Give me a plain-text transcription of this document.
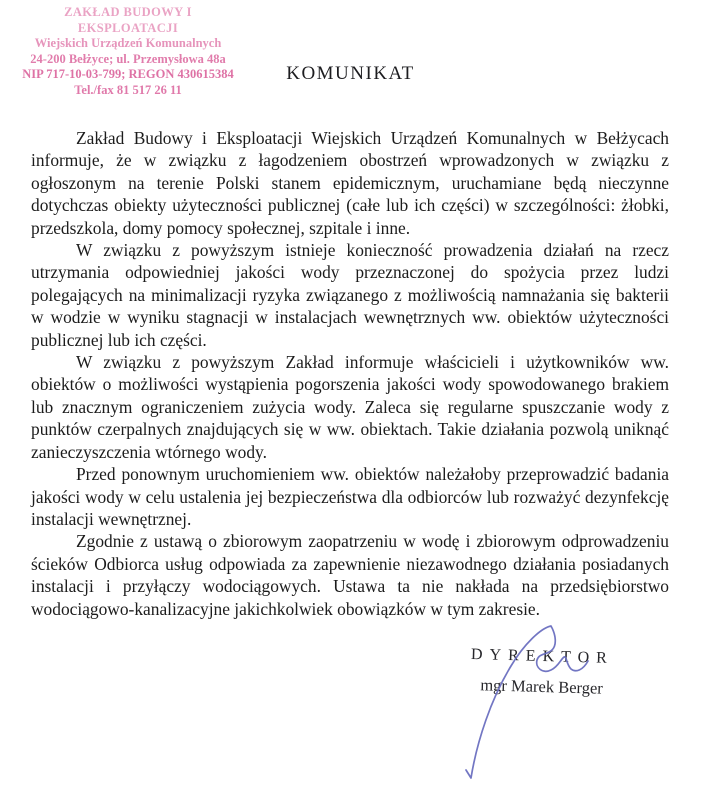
ZAKŁAD BUDOWY I EKSPLOATACJI
Wiejskich Urządzeń Komunalnych
24-200 Bełżyce; ul. Przemysłowa 48a
NIP 717-10-03-799; REGON 430615384
Tel./fax 81 517 26 11
KOMUNIKAT

Zakład Budowy i Eksploatacji Wiejskich Urządzeń Komunalnych w Bełżycach informuje, że w związku z łagodzeniem obostrzeń wprowadzonych w związku z ogłoszonym na terenie Polski stanem epidemicznym, uruchamiane będą nieczynne dotychczas obiekty użyteczności publicznej (całe lub ich części) w szczególności: żłobki, przedszkola, domy pomocy społecznej, szpitale i inne.

W związku z powyższym istnieje konieczność prowadzenia działań na rzecz utrzymania odpowiedniej jakości wody przeznaczonej do spożycia przez ludzi polegających na minimalizacji ryzyka związanego z możliwością namnażania się bakterii w wodzie w wyniku stagnacji w instalacjach wewnętrznych ww. obiektów użyteczności publicznej lub ich części.

W związku z powyższym Zakład informuje właścicieli i użytkowników ww. obiektów o możliwości wystąpienia pogorszenia jakości wody spowodowanego brakiem lub znacznym ograniczeniem zużycia wody. Zaleca się regularne spuszczanie wody z punktów czerpalnych znajdujących się w ww. obiektach. Takie działania pozwolą uniknąć zanieczyszczenia wtórnego wody.

Przed ponownym uruchomieniem ww. obiektów należałoby przeprowadzić badania jakości wody w celu ustalenia jej bezpieczeństwa dla odbiorców lub rozważyć dezynfekcję instalacji wewnętrznej.

Zgodnie z ustawą o zbiorowym zaopatrzeniu w wodę i zbiorowym odprowadzeniu ścieków Odbiorca usług odpowiada za zapewnienie niezawodnego działania posiadanych instalacji i przyłączy wodociągowych. Ustawa ta nie nakłada na przedsiębiorstwo wodociągowo-kanalizacyjne jakichkolwiek obowiązków w tym zakresie.

DYREKTOR
mgr Marek Berger
